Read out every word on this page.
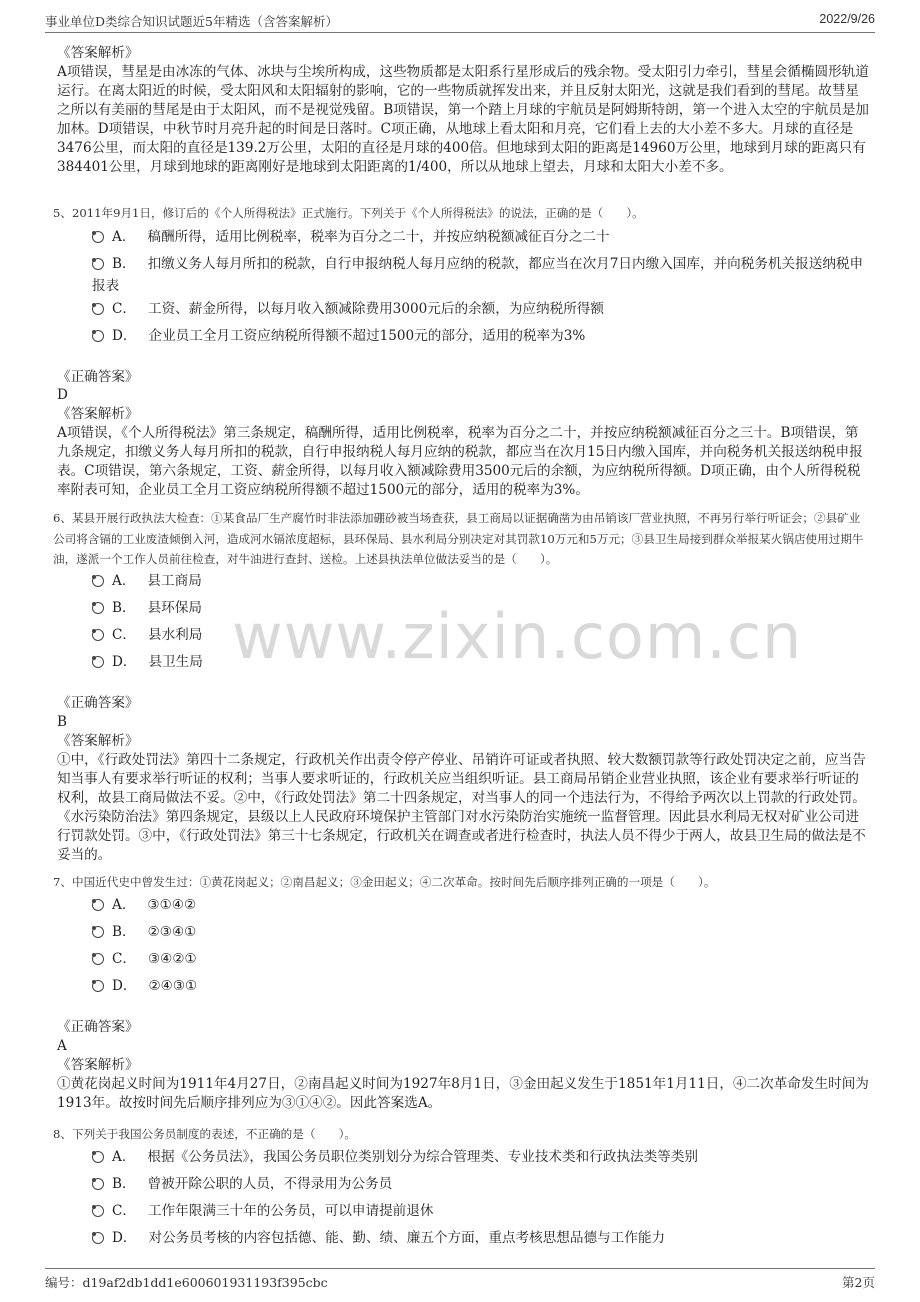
事业单位D类综合知识试题近5年精选（含答案解析）	2022/9/26
www.zixin.com.cn
《答案解析》
A项错误，彗星是由冰冻的气体、冰块与尘埃所构成，这些物质都是太阳系行星形成后的残余物。受太阳引力牵引，彗星会循椭圆形轨道运行。在离太阳近的时候，受太阳风和太阳辐射的影响，它的一些物质就挥发出来，并且反射太阳光，这就是我们看到的彗尾。故彗星之所以有美丽的彗尾是由于太阳风，而不是视觉残留。B项错误，第一个踏上月球的宇航员是阿姆斯特朗，第一个进入太空的宇航员是加加林。D项错误，中秋节时月亮升起的时间是日落时。C项正确，从地球上看太阳和月亮，它们看上去的大小差不多大。月球的直径是3476公里，而太阳的直径是139.2万公里，太阳的直径是月球的400倍。但地球到太阳的距离是14960万公里，地球到月球的距离只有384401公里，月球到地球的距离刚好是地球到太阳距离的1/400，所以从地球上望去，月球和太阳大小差不多。
5、2011年9月1日，修订后的《个人所得税法》正式施行。下列关于《个人所得税法》的说法，正确的是（　　）。
A． 稿酬所得，适用比例税率，税率为百分之二十，并按应纳税额减征百分之二十
B． 扣缴义务人每月所扣的税款，自行申报纳税人每月应纳的税款，都应当在次月7日内缴入国库，并向税务机关报送纳税申报表
C． 工资、薪金所得，以每月收入额减除费用3000元后的余额，为应纳税所得额
D． 企业员工全月工资应纳税所得额不超过1500元的部分，适用的税率为3%
《正确答案》
D
《答案解析》
A项错误，《个人所得税法》第三条规定，稿酬所得，适用比例税率，税率为百分之二十，并按应纳税额减征百分之三十。B项错误，第九条规定，扣缴义务人每月所扣的税款，自行申报纳税人每月应纳的税款，都应当在次月15日内缴入国库，并向税务机关报送纳税申报表。C项错误，第六条规定，工资、薪金所得，以每月收入额减除费用3500元后的余额，为应纳税所得额。D项正确，由个人所得税税率附表可知，企业员工全月工资应纳税所得额不超过1500元的部分，适用的税率为3%。
6、某县开展行政执法大检查：①某食品厂生产腐竹时非法添加硼砂被当场查获，县工商局以证据确凿为由吊销该厂营业执照，不再另行举行听证会；②县矿业公司将含镉的工业废渣倾倒入河，造成河水镉浓度超标，县环保局、县水利局分别决定对其罚款10万元和5万元；③县卫生局接到群众举报某火锅店使用过期牛油，遂派一个工作人员前往检查，对牛油进行查封、送检。上述县执法单位做法妥当的是（　　）。
A． 县工商局
B． 县环保局
C． 县水利局
D． 县卫生局
《正确答案》
B
《答案解析》
①中，《行政处罚法》第四十二条规定，行政机关作出责令停产停业、吊销许可证或者执照、较大数额罚款等行政处罚决定之前，应当告知当事人有要求举行听证的权利；当事人要求听证的，行政机关应当组织听证。县工商局吊销企业营业执照，该企业有要求举行听证的权利，故县工商局做法不妥。②中，《行政处罚法》第二十四条规定，对当事人的同一个违法行为，不得给予两次以上罚款的行政处罚。《水污染防治法》第四条规定，县级以上人民政府环境保护主管部门对水污染防治实施统一监督管理。因此县水利局无权对矿业公司进行罚款处罚。③中，《行政处罚法》第三十七条规定，行政机关在调查或者进行检查时，执法人员不得少于两人，故县卫生局的做法是不妥当的。
7、中国近代史中曾发生过：①黄花岗起义；②南昌起义；③金田起义；④二次革命。按时间先后顺序排列正确的一项是（　　）。
A． ③①④②
B． ②③④①
C． ③④②①
D． ②④③①
《正确答案》
A
《答案解析》
①黄花岗起义时间为1911年4月27日，②南昌起义时间为1927年8月1日，③金田起义发生于1851年1月11日，④二次革命发生时间为1913年。故按时间先后顺序排列应为③①④②。因此答案选A。
8、下列关于我国公务员制度的表述，不正确的是（　　）。
A． 根据《公务员法》，我国公务员职位类别划分为综合管理类、专业技术类和行政执法类等类别
B． 曾被开除公职的人员，不得录用为公务员
C． 工作年限满三十年的公务员，可以申请提前退休
D． 对公务员考核的内容包括德、能、勤、绩、廉五个方面，重点考核思想品德与工作能力
编号：d19af2db1dd1e600601931193f395cbc	第2页
